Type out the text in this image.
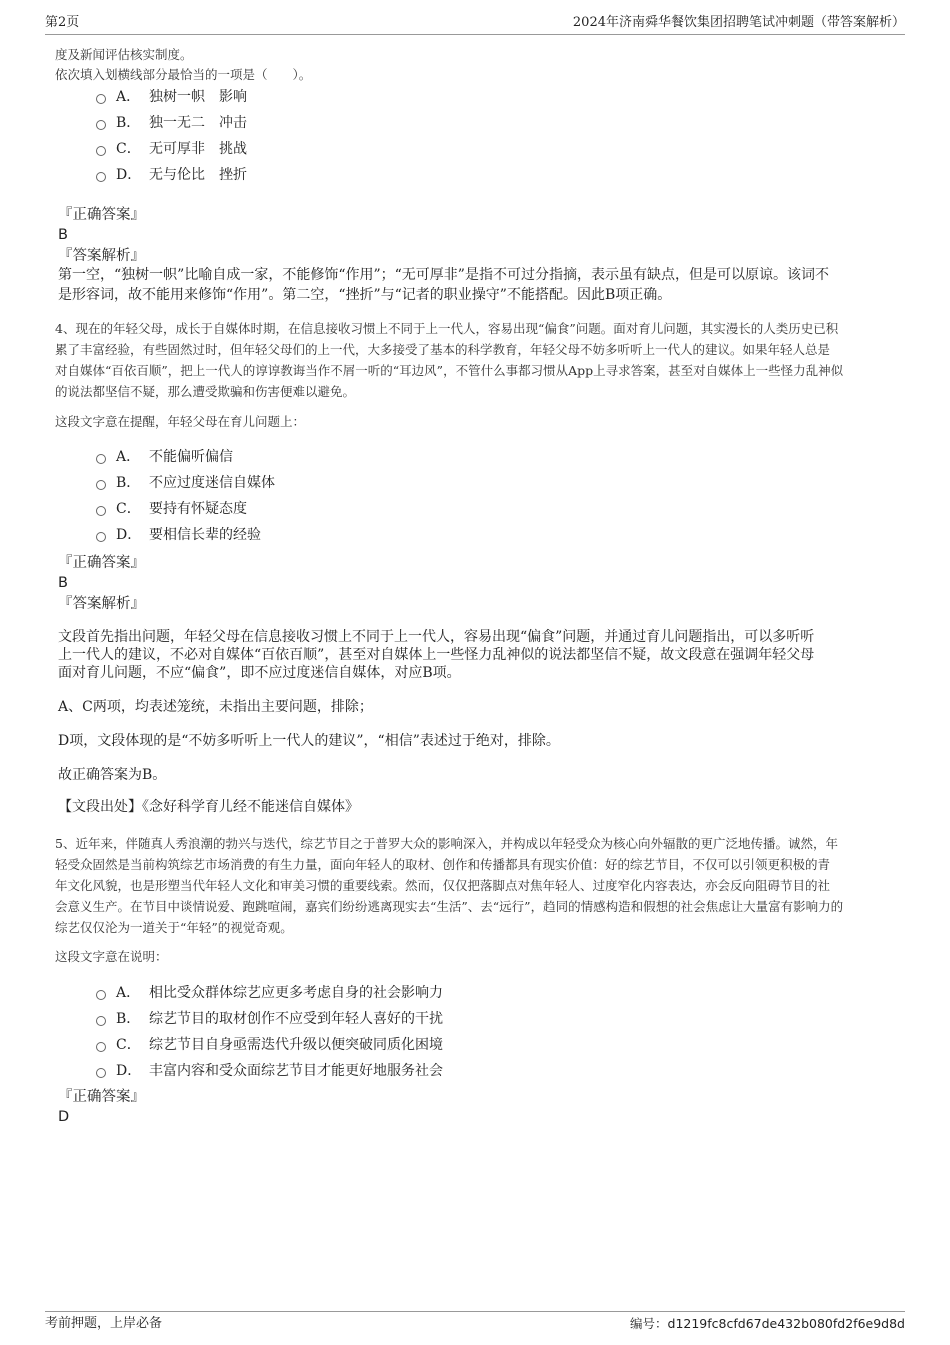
第2页	2024年济南舜华餐饮集团招聘笔试冲刺题（带答案解析）
度及新闻评估核实制度。
依次填入划横线部分最恰当的一项是（　　）。
A． 独树一帜　影响
B． 独一无二　冲击
C． 无可厚非　挑战
D． 无与伦比　挫折
『正确答案』
B
『答案解析』
第一空，“独树一帜”比喻自成一家，不能修饰“作用”；“无可厚非”是指不可过分指摘，表示虽有缺点，但是可以原谅。该词不
是形容词，故不能用来修饰“作用”。第二空，“挫折”与“记者的职业操守”不能搭配。因此B项正确。
4、现在的年轻父母，成长于自媒体时期，在信息接收习惯上不同于上一代人，容易出现“偏食”问题。面对育儿问题，其实漫长的人类历史已积
累了丰富经验，有些固然过时，但年轻父母们的上一代，大多接受了基本的科学教育，年轻父母不妨多听听上一代人的建议。如果年轻人总是
对自媒体“百依百顺”，把上一代人的谆谆教诲当作不屑一听的“耳边风”，不管什么事都习惯从App上寻求答案，甚至对自媒体上一些怪力乱神似
的说法都坚信不疑，那么遭受欺骗和伤害便难以避免。
这段文字意在提醒，年轻父母在育儿问题上：
A． 不能偏听偏信
B． 不应过度迷信自媒体
C． 要持有怀疑态度
D． 要相信长辈的经验
『正确答案』
B
『答案解析』
文段首先指出问题，年轻父母在信息接收习惯上不同于上一代人，容易出现“偏食”问题，并通过育儿问题指出，可以多听听
上一代人的建议，不必对自媒体“百依百顺”，甚至对自媒体上一些怪力乱神似的说法都坚信不疑，故文段意在强调年轻父母
面对育儿问题，不应“偏食”，即不应过度迷信自媒体，对应B项。
A、C两项，均表述笼统，未指出主要问题，排除；
D项，文段体现的是“不妨多听听上一代人的建议”，“相信”表述过于绝对，排除。
故正确答案为B。
【文段出处】《念好科学育儿经不能迷信自媒体》
5、近年来，伴随真人秀浪潮的勃兴与迭代，综艺节目之于普罗大众的影响深入，并构成以年轻受众为核心向外辐散的更广泛地传播。诚然，年
轻受众固然是当前构筑综艺市场消费的有生力量，面向年轻人的取材、创作和传播都具有现实价值：好的综艺节目，不仅可以引领更积极的青
年文化风貌，也是形塑当代年轻人文化和审美习惯的重要线索。然而，仅仅把落脚点对焦年轻人、过度窄化内容表达，亦会反向阻碍节目的社
会意义生产。在节目中谈情说爱、跑跳喧闹，嘉宾们纷纷逃离现实去“生活”、去“远行”，趋同的情感构造和假想的社会焦虑让大量富有影响力的
综艺仅仅沦为一道关于“年轻”的视觉奇观。
这段文字意在说明：
A． 相比受众群体综艺应更多考虑自身的社会影响力
B． 综艺节目的取材创作不应受到年轻人喜好的干扰
C． 综艺节目自身亟需迭代升级以便突破同质化困境
D． 丰富内容和受众面综艺节目才能更好地服务社会
『正确答案』
D
考前押题，上岸必备	编号：d1219fc8cfd67de432b080fd2f6e9d8d
